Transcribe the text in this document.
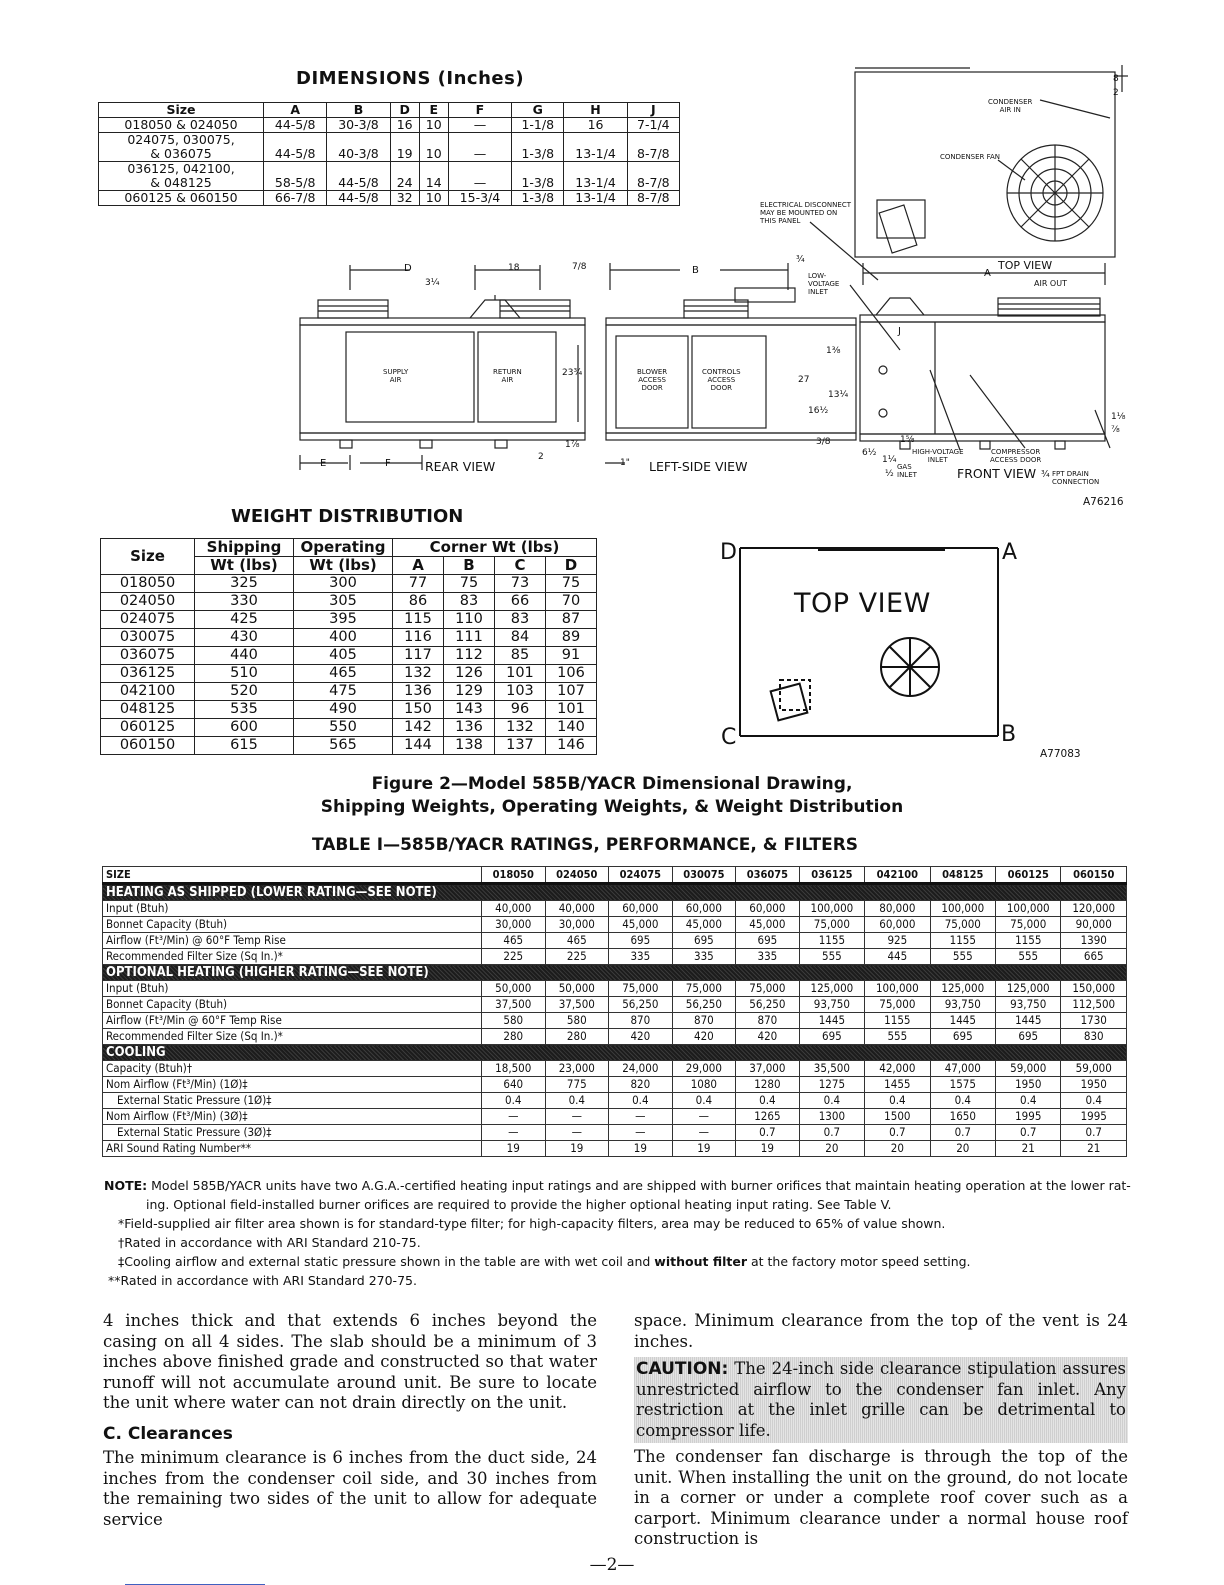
DIMENSIONS (Inches)
Size	A	B	D	E	F	G	H	J

018050 & 024050	44-5/8	30-3/8	16	10	—	1-1/8	16	7-1/4

024075, 030075,
& 036075	44-5/8	40-3/8	19	10	—	1-3/8	13-1/4	8-7/8

036125, 042100,
& 048125	58-5/8	44-5/8	24	14	—	1-3/8	13-1/4	8-7/8

060125 & 060150	66-7/8	44-5/8	32	10	15-3/4	1-3/8	13-1/4	8-7/8
D
3¼
18	7/8
23¾
2
1⅞
1"
E	F	REAR VIEW	LEFT-SIDE VIEW	FRONT VIEW
TOP VIEW
B	A
J
AIR OUT
27
13¼
16½
1⅜
3/8
6½
1¼
1⅝
¾
2
8
⅞
1⅛
½	¾
SUPPLY
AIR
RETURN
AIR
BLOWER
ACCESS
DOOR
CONTROLS
ACCESS
DOOR
CONDENSER
AIR IN
CONDENSER FAN
ELECTRICAL DISCONNECT
MAY BE MOUNTED ON
THIS PANEL
LOW-
VOLTAGE
INLET
HIGH-VOLTAGE
INLET
COMPRESSOR
ACCESS DOOR
GAS
INLET	FPT DRAIN
CONNECTION
A76216
WEIGHT DISTRIBUTION
Size	Shipping	Operating	Corner Wt (lbs)			
	Wt (lbs)	Wt (lbs)	A	B	C	D
018050	325	300	77	75	73	75
024050	330	305	86	83	66	70
024075	425	395	115	110	83	87
030075	430	400	116	111	84	89
036075	440	405	117	112	85	91
036125	510	465	132	126	101	106
042100	520	475	136	129	103	107
048125	535	490	150	143	96	101
060125	600	550	142	136	132	140
060150	615	565	144	138	137	146
TOP VIEW
D	A
C	B
A77083
Figure 2—Model 585B/YACR Dimensional Drawing,
Shipping Weights, Operating Weights, & Weight Distribution
TABLE I—585B/YACR RATINGS, PERFORMANCE, & FILTERS
SIZE	018050	024050	024075	030075	036075	036125	042100	048125	060125	060150
HEATING AS SHIPPED (LOWER RATING—SEE NOTE)										
Input (Btuh)	40,000	40,000	60,000	60,000	60,000	100,000	80,000	100,000	100,000	120,000
Bonnet Capacity (Btuh)	30,000	30,000	45,000	45,000	45,000	75,000	60,000	75,000	75,000	90,000
Airflow (Ft³/Min) @ 60°F Temp Rise	465	465	695	695	695	1155	925	1155	1155	1390
Recommended Filter Size (Sq In.)*	225	225	335	335	335	555	445	555	555	665
OPTIONAL HEATING (HIGHER RATING—SEE NOTE)										
Input (Btuh)	50,000	50,000	75,000	75,000	75,000	125,000	100,000	125,000	125,000	150,000
Bonnet Capacity (Btuh)	37,500	37,500	56,250	56,250	56,250	93,750	75,000	93,750	93,750	112,500
Airflow (Ft³/Min @ 60°F Temp Rise	580	580	870	870	870	1445	1155	1445	1445	1730
Recommended Filter Size (Sq In.)*	280	280	420	420	420	695	555	695	695	830
COOLING										
Capacity (Btuh)†	18,500	23,000	24,000	29,000	37,000	35,500	42,000	47,000	59,000	59,000
Nom Airflow (Ft³/Min) (1Ø)‡	640	775	820	1080	1280	1275	1455	1575	1950	1950
External Static Pressure (1Ø)‡	0.4	0.4	0.4	0.4	0.4	0.4	0.4	0.4	0.4	0.4
Nom Airflow (Ft³/Min) (3Ø)‡	—	—	—	—	1265	1300	1500	1650	1995	1995
External Static Pressure (3Ø)‡	—	—	—	—	0.7	0.7	0.7	0.7	0.7	0.7
ARI Sound Rating Number**	19	19	19	19	19	20	20	20	21	21
NOTE: Model 585B/YACR units have two A.G.A.-certified heating input ratings and are shipped with burner orifices that maintain heating operation at the lower rat-
ing. Optional field-installed burner orifices are required to provide the higher optional heating input rating. See Table V.
*Field-supplied air filter area shown is for standard-type filter; for high-capacity filters, area may be reduced to 65% of value shown.
†Rated in accordance with ARI Standard 210-75.
‡Cooling airflow and external static pressure shown in the table are with wet coil and without filter at the factory motor speed setting.
**Rated in accordance with ARI Standard 270-75.

4 inches thick and that extends 6 inches beyond the casing on all 4 sides. The slab should be a minimum of 3 inches above finished grade and constructed so that water runoff will not accumulate around unit. Be sure to locate the unit where water can not drain directly on the unit.

C. Clearances

The minimum clearance is 6 inches from the duct side, 24 inches from the condenser coil side, and 30 inches from the remaining two sides of the unit to allow for adequate service

space. Minimum clearance from the top of the vent is 24 inches.

CAUTION: The 24-inch side clearance stipulation assures unrestricted airflow to the condenser fan inlet. Any restriction at the inlet grille can be detrimental to compressor life.

The condenser fan discharge is through the top of the unit. When installing the unit on the ground, do not locate in a corner or under a complete roof cover such as a carport. Minimum clearance under a normal house roof construction is

—2—
